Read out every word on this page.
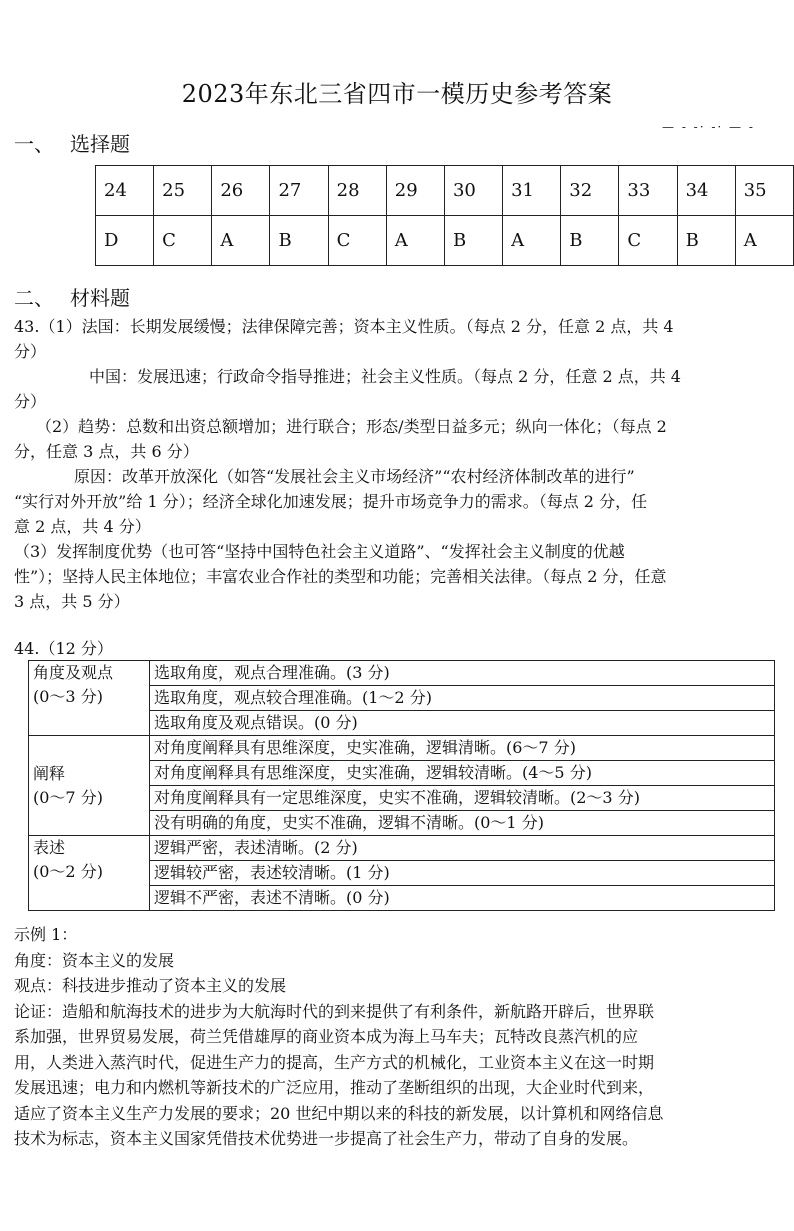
2023年东北三省四市一模历史参考答案
— - -· -· — -
一、 选择题
24	25	26	27	28	29	30	31	32	33	34	35
D	C	A	B	C	A	B	A	B	C	B	A
二、 材料题
43.（1）法国：长期发展缓慢；法律保障完善；资本主义性质。（每点 2 分，任意 2 点，共 4
分）
中国：发展迅速；行政命令指导推进；社会主义性质。（每点 2 分，任意 2 点，共 4
分）
（2）趋势：总数和出资总额增加；进行联合；形态/类型日益多元；纵向一体化；（每点 2
分，任意 3 点，共 6 分）
原因：改革开放深化（如答“发展社会主义市场经济”“农村经济体制改革的进行”
“实行对外开放”给 1 分）；经济全球化加速发展；提升市场竞争力的需求。（每点 2 分，任
意 2 点，共 4 分）
（3）发挥制度优势（也可答“坚持中国特色社会主义道路”、“发挥社会主义制度的优越
性”）；坚持人民主体地位；丰富农业合作社的类型和功能；完善相关法律。（每点 2 分，任意
3 点，共 5 分）
44.（12 分）
角度及观点
(0～3 分)	选取角度，观点合理准确。(3 分)
	选取角度，观点较合理准确。(1～2 分)
	选取角度及观点错误。(0 分)

阐释
(0～7 分)	对角度阐释具有思维深度，史实准确，逻辑清晰。(6～7 分)
	对角度阐释具有思维深度，史实准确，逻辑较清晰。(4～5 分)
	对角度阐释具有一定思维深度，史实不准确，逻辑较清晰。(2～3 分)
	没有明确的角度，史实不准确，逻辑不清晰。(0～1 分)

表述
(0～2 分)	逻辑严密，表述清晰。(2 分)
	逻辑较严密，表述较清晰。(1 分)
	逻辑不严密，表述不清晰。(0 分)
示例 1：
角度：资本主义的发展
观点：科技进步推动了资本主义的发展
论证：造船和航海技术的进步为大航海时代的到来提供了有利条件，新航路开辟后，世界联
系加强，世界贸易发展，荷兰凭借雄厚的商业资本成为海上马车夫；瓦特改良蒸汽机的应
用，人类进入蒸汽时代，促进生产力的提高，生产方式的机械化，工业资本主义在这一时期
发展迅速；电力和内燃机等新技术的广泛应用，推动了垄断组织的出现，大企业时代到来，
适应了资本主义生产力发展的要求；20 世纪中期以来的科技的新发展，以计算机和网络信息
技术为标志，资本主义国家凭借技术优势进一步提高了社会生产力，带动了自身的发展。
